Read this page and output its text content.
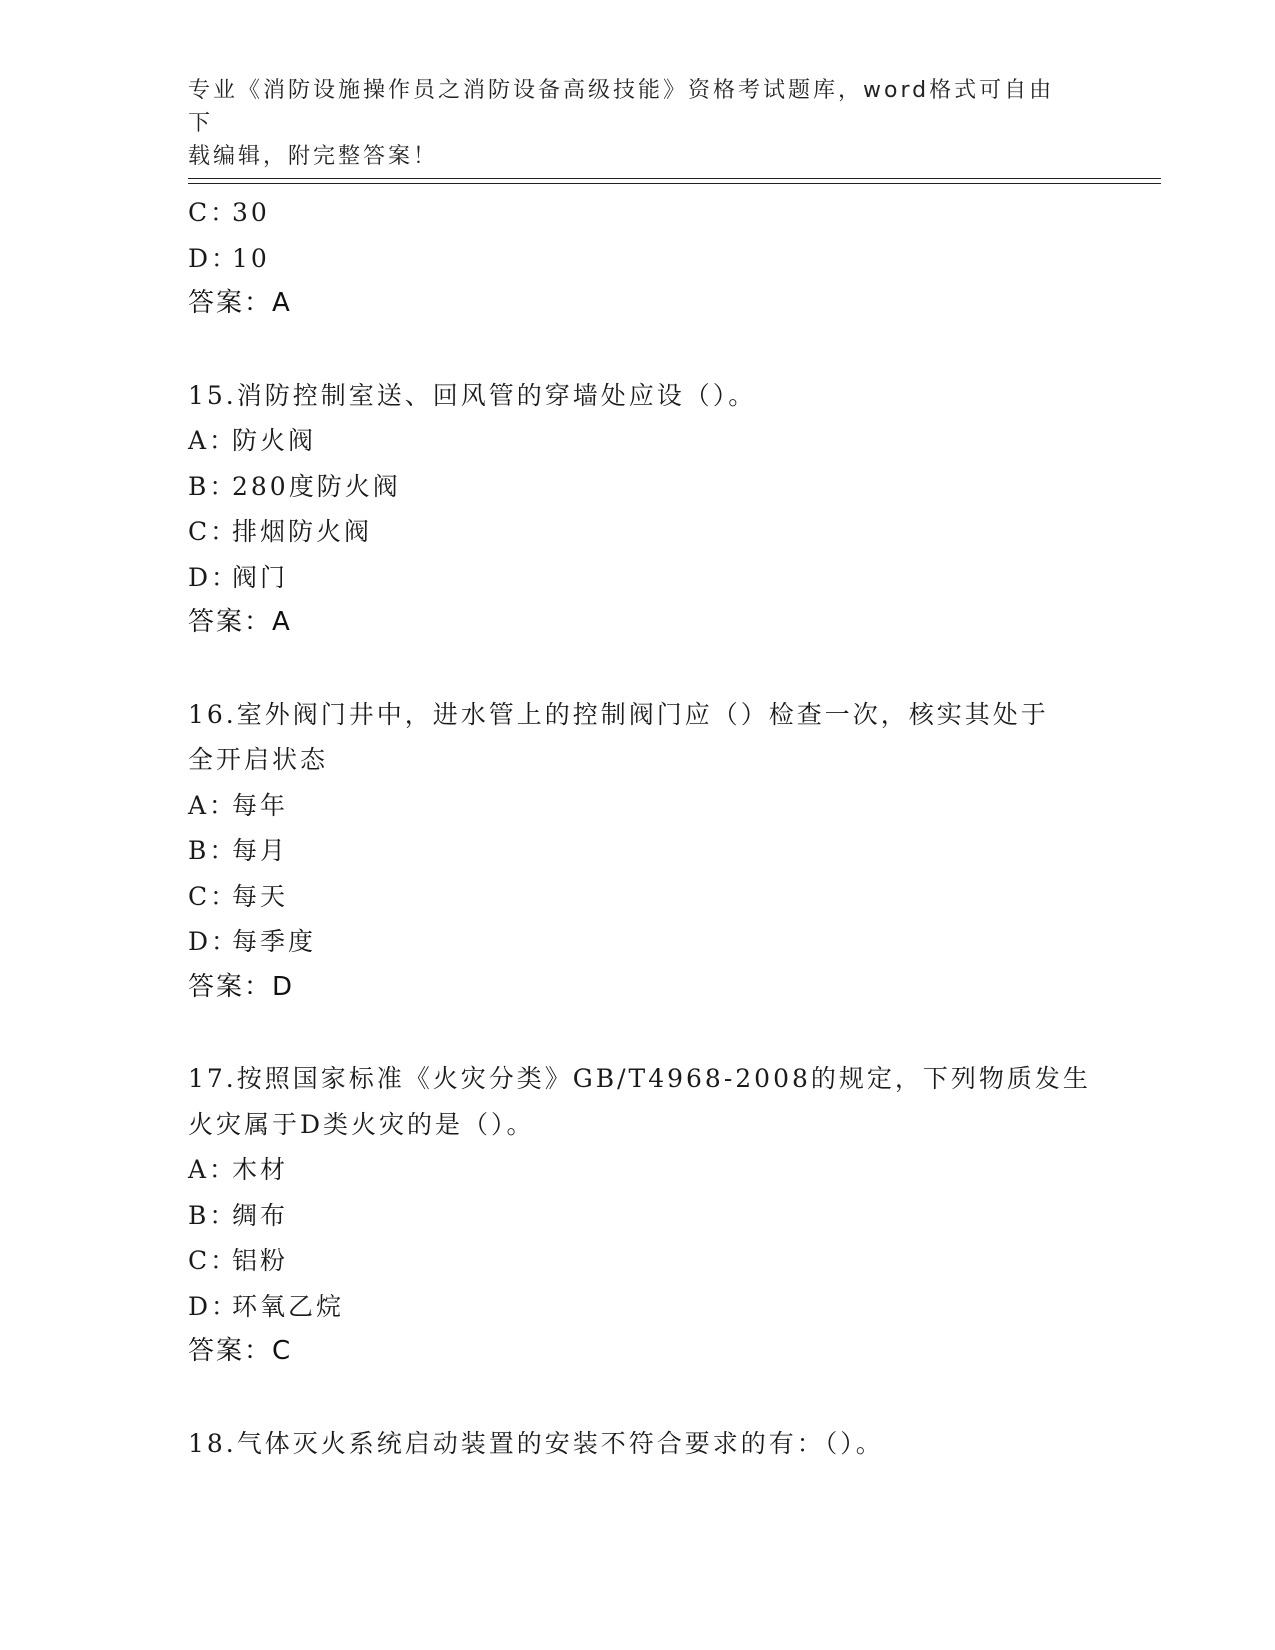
专业《消防设施操作员之消防设备高级技能》资格考试题库，word格式可自由下
载编辑，附完整答案！
C：30
D：10
答案：A
15.消防控制室送、回风管的穿墙处应设（）。
A：防火阀
B：280度防火阀
C：排烟防火阀
D：阀门
答案：A
16.室外阀门井中，进水管上的控制阀门应（）检查一次，核实其处于
全开启状态
A：每年
B：每月
C：每天
D：每季度
答案：D
17.按照国家标准《火灾分类》GB/T4968-2008的规定，下列物质发生
火灾属于D类火灾的是（）。
A：木材
B：绸布
C：铝粉
D：环氧乙烷
答案：C
18.气体灭火系统启动装置的安装不符合要求的有：（）。
